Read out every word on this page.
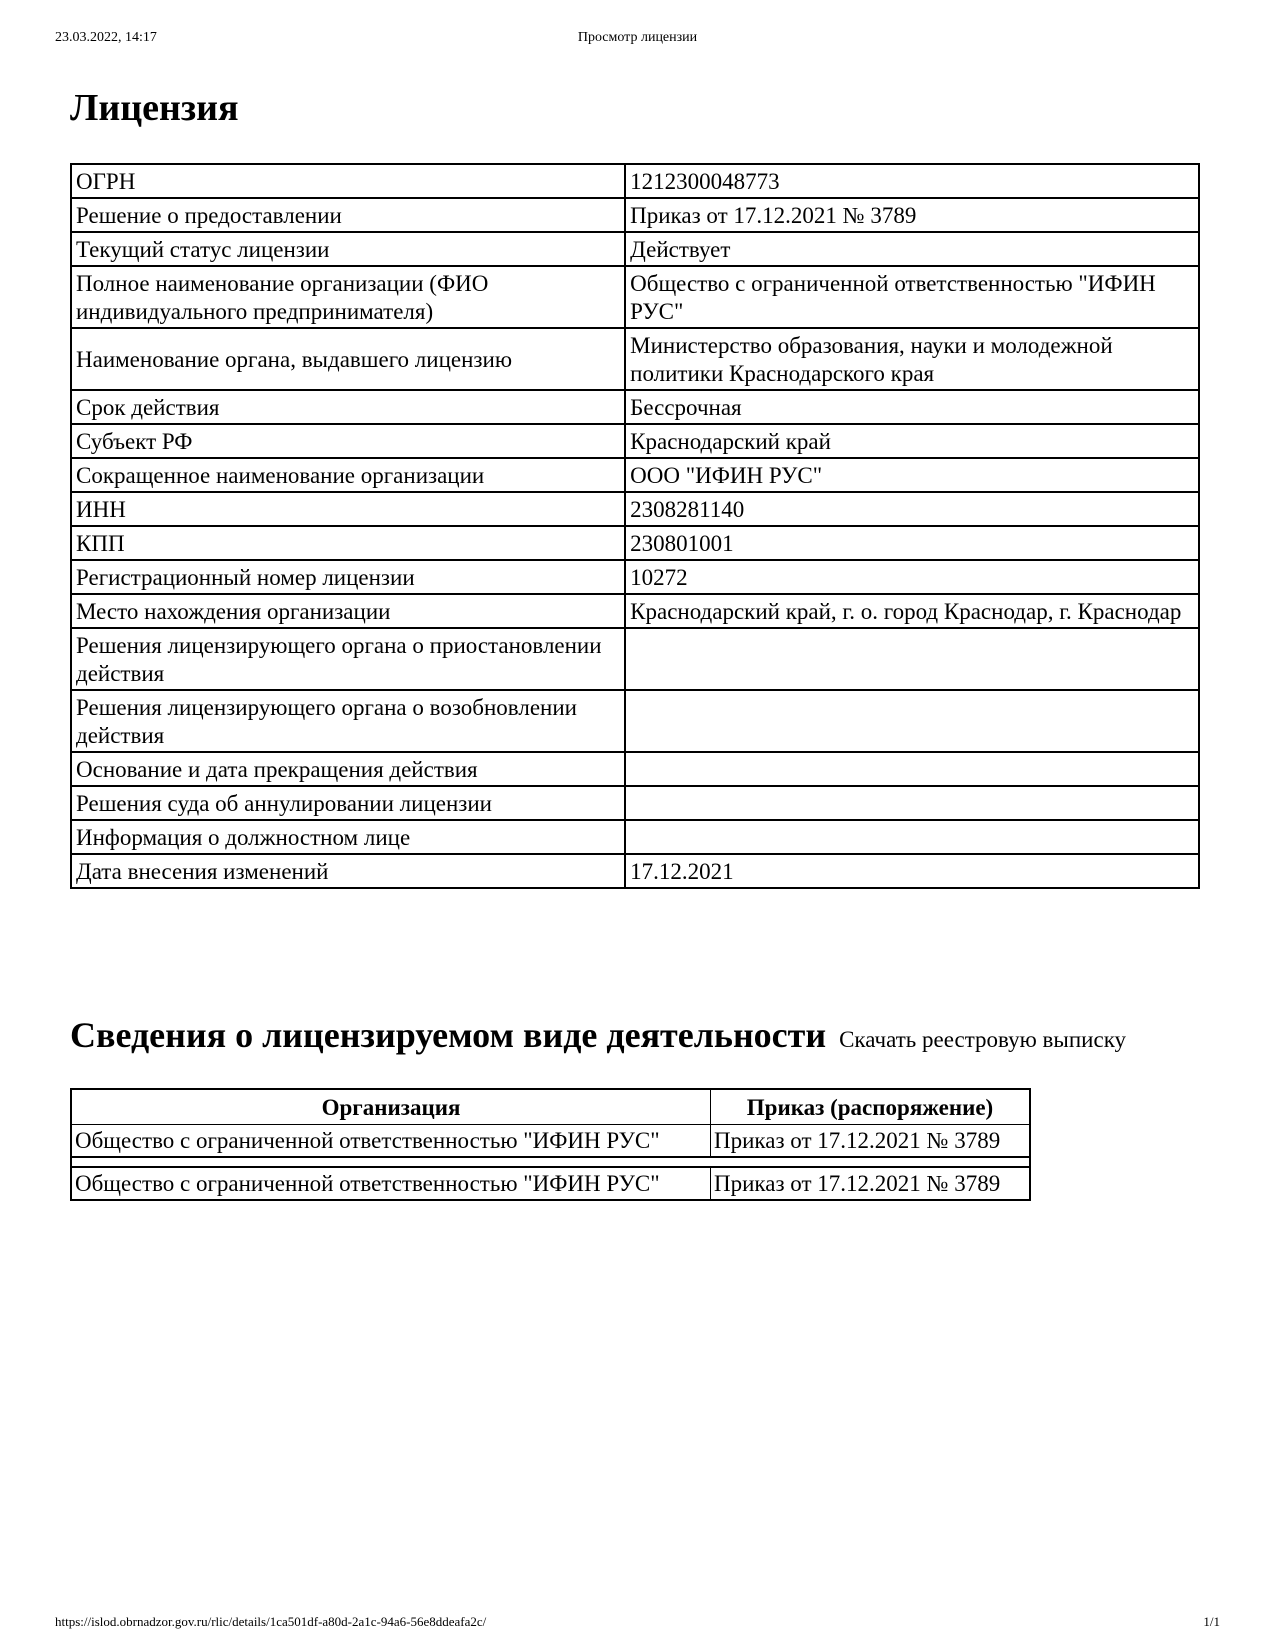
23.03.2022, 14:17	Просмотр лицензии
Лицензия
ОГРН	1212300048773
Решение о предоставлении	Приказ от 17.12.2021 № 3789
Текущий статус лицензии	Действует
Полное наименование организации (ФИО индивидуального предпринимателя)	Общество с ограниченной ответственностью "ИФИН РУС"
Наименование органа, выдавшего лицензию	Министерство образования, науки и молодежной политики Краснодарского края
Срок действия	Бессрочная
Субъект РФ	Краснодарский край
Сокращенное наименование организации	ООО "ИФИН РУС"
ИНН	2308281140
КПП	230801001
Регистрационный номер лицензии	10272
Место нахождения организации	Краснодарский край, г. о. город Краснодар, г. Краснодар
Решения лицензирующего органа о приостановлении действия	
Решения лицензирующего органа о возобновлении действия	
Основание и дата прекращения действия	
Решения суда об аннулировании лицензии	
Информация о должностном лице	
Дата внесения изменений	17.12.2021
Сведения о лицензируемом виде деятельности Скачать реестровую выписку
Организация	Приказ (распоряжение)
Общество с ограниченной ответственностью "ИФИН РУС"	Приказ от 17.12.2021 № 3789

Общество с ограниченной ответственностью "ИФИН РУС"	Приказ от 17.12.2021 № 3789
https://islod.obrnadzor.gov.ru/rlic/details/1ca501df-a80d-2a1c-94a6-56e8ddeafa2c/	1/1
